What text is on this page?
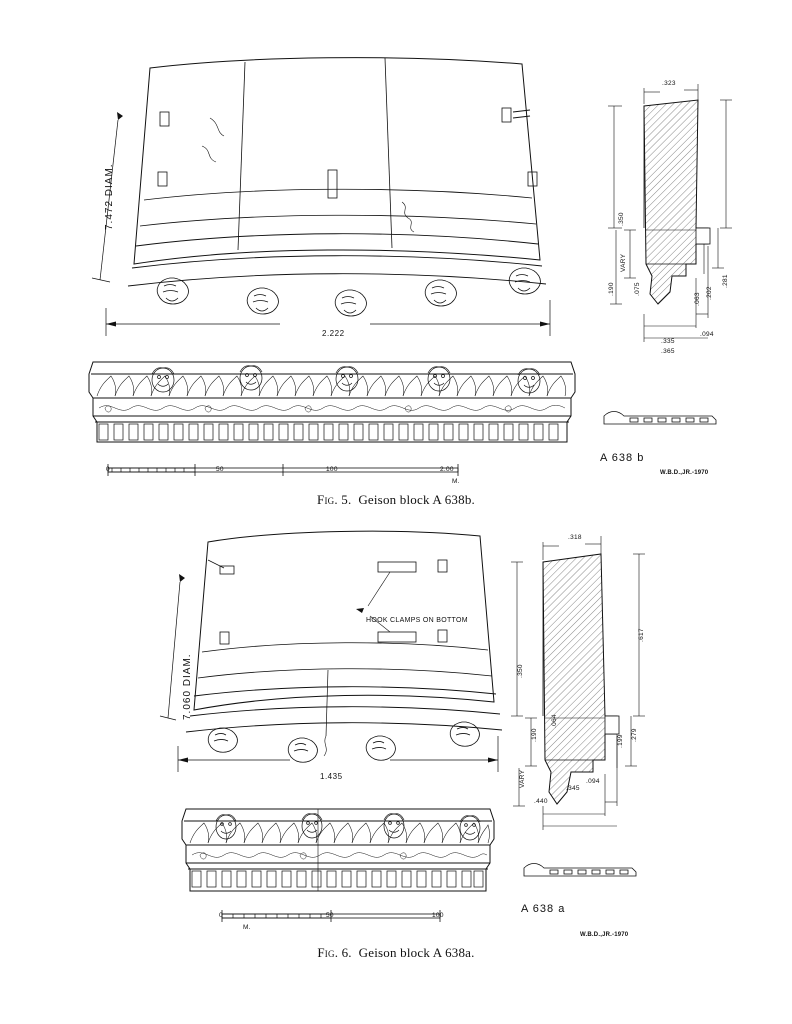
7.472 DIAM.
2.222
.323
.350
VARY
.190	.075	.202
.281
.063
.335
.365
.094
A 638 b
0	50	100	2.00
M.
W.B.D.,JR.-1970
Fig. 5. Geison block A 638b.
7.060 DIAM.
HOOK CLAMPS ON BOTTOM
1.435
.318
.617
.350
.190
.064
VARY
.279
.199
.345
.440
.094
A 638 a
0	50	100
M.
W.B.D.,JR.-1970
Fig. 6. Geison block A 638a.
